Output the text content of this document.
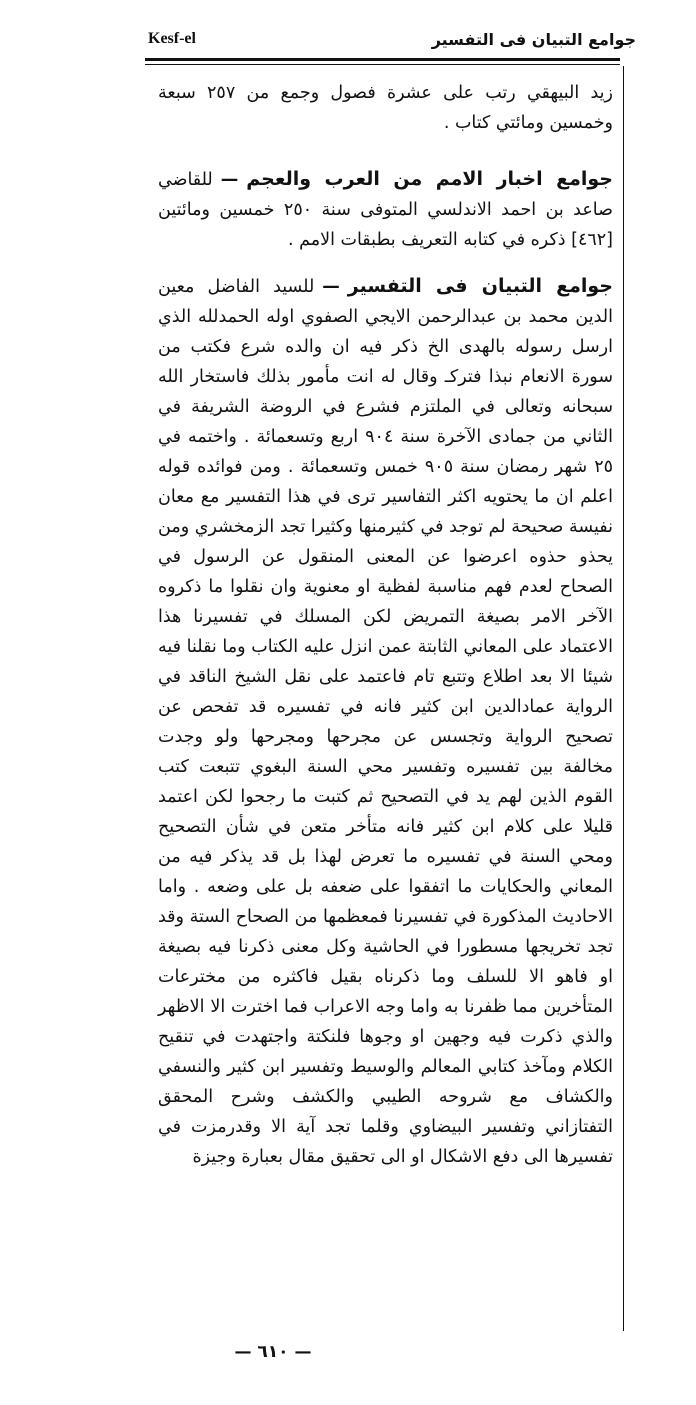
جوامع التبيان فى التفسير
Kesf-el

زيد البيهقي رتب على عشرة فصول وجمع من ٢٥٧ سبعة وخمسين ومائتي كتاب .

جوامع اخبار الامم من العرب والعجم—للقاضي صاعد بن احمد الاندلسي المتوفى سنة ٢٥٠ خمسين ومائتين [٤٦٢] ذكره في كتابه التعريف بطبقات الامم .

جوامع التبيان فى التفسير—للسيد الفاضل معين الدين محمد بن عبدالرحمن الايجي الصفوي اوله الحمدلله الذي ارسل رسوله بالهدى الخ ذكر فيه ان والده شرع فكتب من سورة الانعام نبذا فتركـ وقال له انت مأمور بذلك فاستخار الله سبحانه وتعالى في الملتزم فشرع في الروضة الشريفة في الثاني من جمادى الآخرة سنة ٩٠٤ اربع وتسعمائة . واختمه في ٢٥ شهر رمضان سنة ٩٠٥ خمس وتسعمائة . ومن فوائده قوله اعلم ان ما يحتويه اكثر التفاسير ترى في هذا التفسير مع معان نفيسة صحيحة لم توجد في كثيرمنها وكثيرا تجد الزمخشري ومن يحذو حذوه اعرضوا عن المعنى المنقول عن الرسول في الصحاح لعدم فهم مناسبة لفظية او معنوية وان نقلوا ما ذكروه الآخر الامر بصيغة التمريض لكن المسلك في تفسيرنا هذا الاعتماد على المعاني الثابتة عمن انزل عليه الكتاب وما نقلنا فيه شيئا الا بعد اطلاع وتتبع تام فاعتمد على نقل الشيخ الناقد في الرواية عمادالدين ابن كثير فانه في تفسيره قد تفحص عن تصحيح الرواية وتجسس عن مجرحها ومجرحها ولو وجدت مخالفة بين تفسيره وتفسير محي السنة البغوي تتبعت كتب القوم الذين لهم يد في التصحيح ثم كتبت ما رجحوا لكن اعتمد قليلا على كلام ابن كثير فانه متأخر متعن في شأن التصحيح ومحي السنة في تفسيره ما تعرض لهذا بل قد يذكر فيه من المعاني والحكايات ما اتفقوا على ضعفه بل على وضعه . واما الاحاديث المذكورة في تفسيرنا فمعظمها من الصحاح الستة وقد تجد تخريجها مسطورا في الحاشية وكل معنى ذكرنا فيه بصيغة او فاهو الا للسلف وما ذكرناه بقيل فاكثره من مخترعات المتأخرين مما ظفرنا به واما وجه الاعراب فما اخترت الا الاظهر والذي ذكرت فيه وجهين او وجوها فلنكتة واجتهدت في تنقيح الكلام ومآخذ كتابي المعالم والوسيط وتفسير ابن كثير والنسفي والكشاف مع شروحه الطيبي والكشف وشرح المحقق التفتازاني وتفسير البيضاوي وقلما تجد آية الا وقدرمزت في تفسيرها الى دفع الاشكال او الى تحقيق مقال بعبارة وجيزة

— ٦١٠ —
